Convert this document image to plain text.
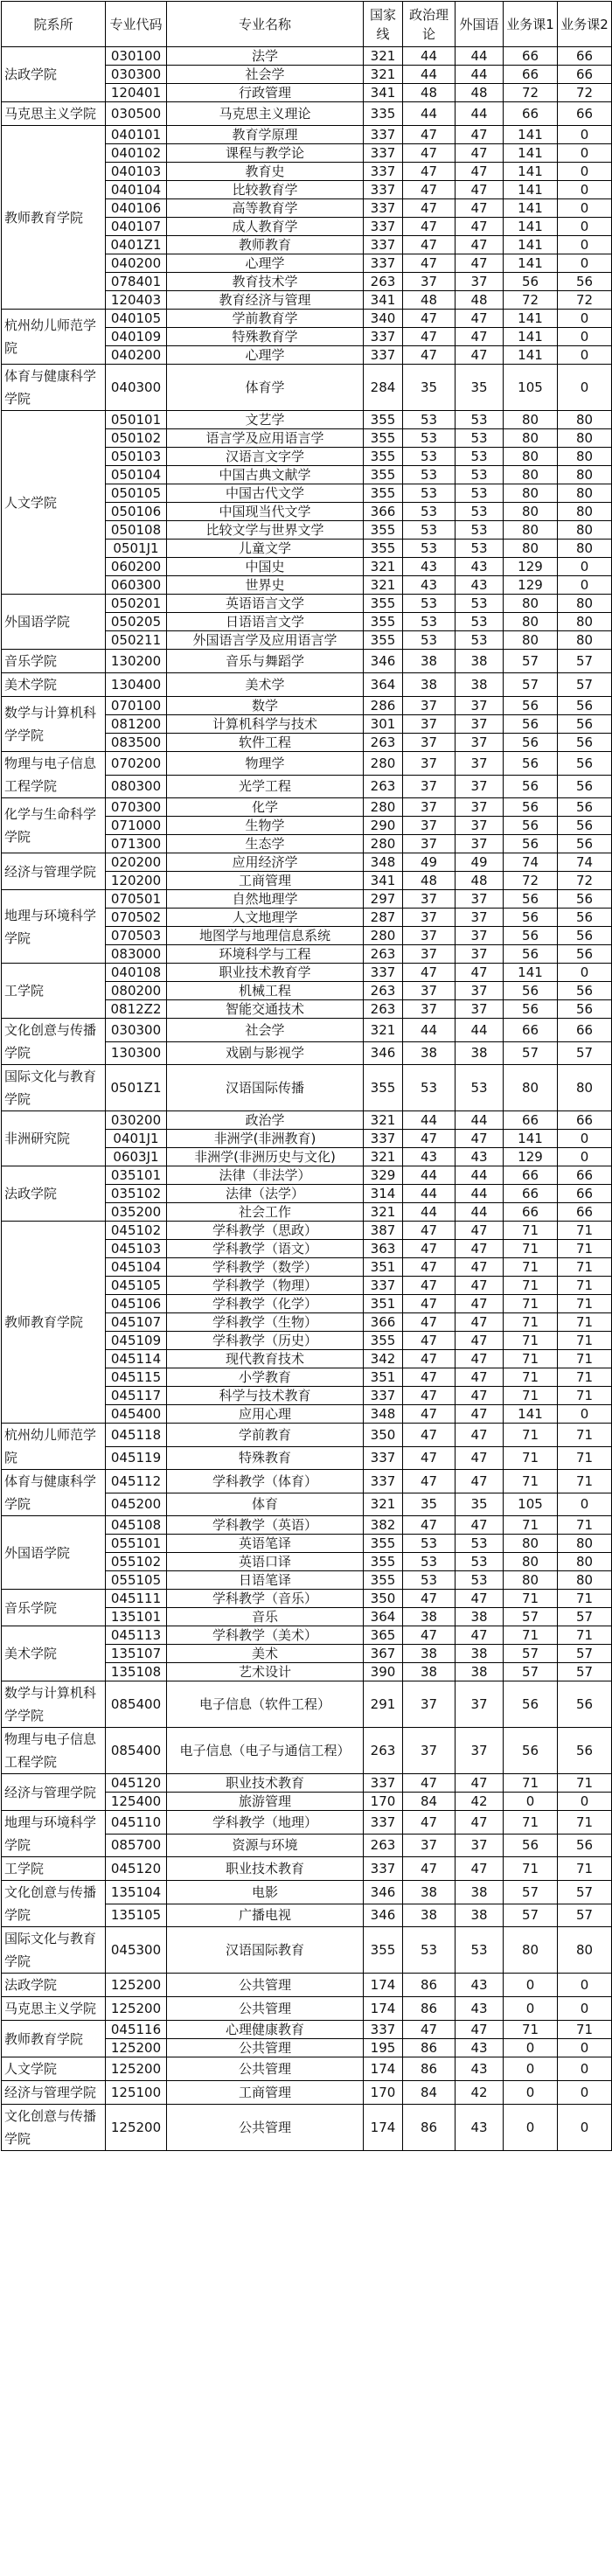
院系所	专业代码	专业名称	国家线	政治理论	外国语	业务课1	业务课2
法政学院	030100	法学	321	44	44	66	66
	030300	社会学	321	44	44	66	66
	120401	行政管理	341	48	48	72	72
马克思主义学院	030500	马克思主义理论	335	44	44	66	66
教师教育学院	040101	教育学原理	337	47	47	141	0
	040102	课程与教学论	337	47	47	141	0
	040103	教育史	337	47	47	141	0
	040104	比较教育学	337	47	47	141	0
	040106	高等教育学	337	47	47	141	0
	040107	成人教育学	337	47	47	141	0
	0401Z1	教师教育	337	47	47	141	0
	040200	心理学	337	47	47	141	0
	078401	教育技术学	263	37	37	56	56
	120403	教育经济与管理	341	48	48	72	72
杭州幼儿师范学院	040105	学前教育学	340	47	47	141	0
	040109	特殊教育学	337	47	47	141	0
	040200	心理学	337	47	47	141	0
体育与健康科学学院	040300	体育学	284	35	35	105	0
人文学院	050101	文艺学	355	53	53	80	80
	050102	语言学及应用语言学	355	53	53	80	80
	050103	汉语言文字学	355	53	53	80	80
	050104	中国古典文献学	355	53	53	80	80
	050105	中国古代文学	355	53	53	80	80
	050106	中国现当代文学	366	53	53	80	80
	050108	比较文学与世界文学	355	53	53	80	80
	0501J1	儿童文学	355	53	53	80	80
	060200	中国史	321	43	43	129	0
	060300	世界史	321	43	43	129	0
外国语学院	050201	英语语言文学	355	53	53	80	80
	050205	日语语言文学	355	53	53	80	80
	050211	外国语言学及应用语言学	355	53	53	80	80
音乐学院	130200	音乐与舞蹈学	346	38	38	57	57
美术学院	130400	美术学	364	38	38	57	57
数学与计算机科学学院	070100	数学	286	37	37	56	56
	081200	计算机科学与技术	301	37	37	56	56
	083500	软件工程	263	37	37	56	56
物理与电子信息工程学院	070200	物理学	280	37	37	56	56
	080300	光学工程	263	37	37	56	56
化学与生命科学学院	070300	化学	280	37	37	56	56
	071000	生物学	290	37	37	56	56
	071300	生态学	280	37	37	56	56
经济与管理学院	020200	应用经济学	348	49	49	74	74
	120200	工商管理	341	48	48	72	72
地理与环境科学学院	070501	自然地理学	297	37	37	56	56
	070502	人文地理学	287	37	37	56	56
	070503	地图学与地理信息系统	280	37	37	56	56
	083000	环境科学与工程	263	37	37	56	56
工学院	040108	职业技术教育学	337	47	47	141	0
	080200	机械工程	263	37	37	56	56
	0812Z2	智能交通技术	263	37	37	56	56
文化创意与传播学院	030300	社会学	321	44	44	66	66
	130300	戏剧与影视学	346	38	38	57	57
国际文化与教育学院	0501Z1	汉语国际传播	355	53	53	80	80
非洲研究院	030200	政治学	321	44	44	66	66
	0401J1	非洲学(非洲教育)	337	47	47	141	0
	0603J1	非洲学(非洲历史与文化)	321	43	43	129	0
法政学院	035101	法律（非法学）	329	44	44	66	66
	035102	法律（法学）	314	44	44	66	66
	035200	社会工作	321	44	44	66	66
教师教育学院	045102	学科教学（思政）	387	47	47	71	71
	045103	学科教学（语文）	363	47	47	71	71
	045104	学科教学（数学）	351	47	47	71	71
	045105	学科教学（物理）	337	47	47	71	71
	045106	学科教学（化学）	351	47	47	71	71
	045107	学科教学（生物）	366	47	47	71	71
	045109	学科教学（历史）	355	47	47	71	71
	045114	现代教育技术	342	47	47	71	71
	045115	小学教育	351	47	47	71	71
	045117	科学与技术教育	337	47	47	71	71
	045400	应用心理	348	47	47	141	0
杭州幼儿师范学院	045118	学前教育	350	47	47	71	71
	045119	特殊教育	337	47	47	71	71
体育与健康科学学院	045112	学科教学（体育）	337	47	47	71	71
	045200	体育	321	35	35	105	0
外国语学院	045108	学科教学（英语）	382	47	47	71	71
	055101	英语笔译	355	53	53	80	80
	055102	英语口译	355	53	53	80	80
	055105	日语笔译	355	53	53	80	80
音乐学院	045111	学科教学（音乐）	350	47	47	71	71
	135101	音乐	364	38	38	57	57
美术学院	045113	学科教学（美术）	365	47	47	71	71
	135107	美术	367	38	38	57	57
	135108	艺术设计	390	38	38	57	57
数学与计算机科学学院	085400	电子信息（软件工程）	291	37	37	56	56
物理与电子信息工程学院	085400	电子信息（电子与通信工程）	263	37	37	56	56
经济与管理学院	045120	职业技术教育	337	47	47	71	71
	125400	旅游管理	170	84	42	0	0
地理与环境科学学院	045110	学科教学（地理）	337	47	47	71	71
	085700	资源与环境	263	37	37	56	56
工学院	045120	职业技术教育	337	47	47	71	71
文化创意与传播学院	135104	电影	346	38	38	57	57
	135105	广播电视	346	38	38	57	57
国际文化与教育学院	045300	汉语国际教育	355	53	53	80	80
法政学院	125200	公共管理	174	86	43	0	0
马克思主义学院	125200	公共管理	174	86	43	0	0
教师教育学院	045116	心理健康教育	337	47	47	71	71
	125200	公共管理	195	86	43	0	0
人文学院	125200	公共管理	174	86	43	0	0
经济与管理学院	125100	工商管理	170	84	42	0	0
文化创意与传播学院	125200	公共管理	174	86	43	0	0
